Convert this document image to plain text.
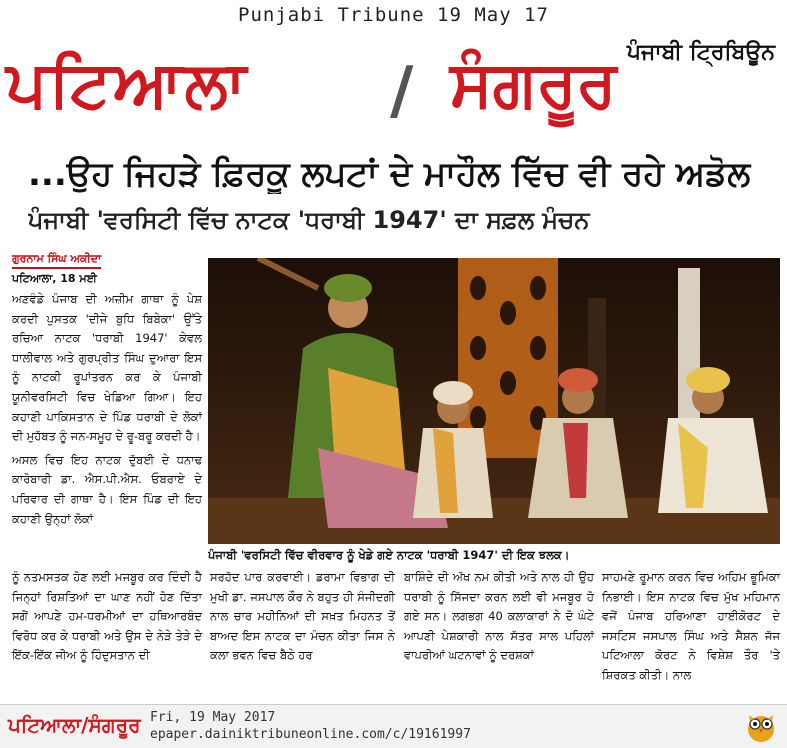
Punjabi Tribune 19 May 17
ਪੰਜਾਬੀ ਟ੍ਰਿਬਿਊਨ
ਪਟਿਆਲਾ / ਸੰਗਰੂਰ
...ਉਹ ਜਿਹੜੇ ਫ਼ਿਰਕੂ ਲਪਟਾਂ ਦੇ ਮਾਹੌਲ ਵਿੱਚ ਵੀ ਰਹੇ ਅਡੋਲ
ਪੰਜਾਬੀ 'ਵਰਸਿਟੀ ਵਿੱਚ ਨਾਟਕ 'ਧਰਾਬੀ 1947' ਦਾ ਸਫ਼ਲ ਮੰਚਨ
ਗੁਰਨਾਮ ਸਿੰਘ ਅਕੀਦਾ
ਪਟਿਆਲਾ, 18 ਮਈ

ਅਣਵੰਡੇ ਪੰਜਾਬ ਦੀ ਅਜ਼ੀਮ ਗਾਥਾ ਨੂੰ ਪੇਸ਼ ਕਰਦੀ ਪੁਸਤਕ 'ਦੀਜੇ ਬੁਧਿ ਬਿਬੇਕਾ' ਉੱਤੇ ਰਚਿਆ ਨਾਟਕ 'ਧਰਾਬੀ 1947' ਕੇਵਲ ਧਾਲੀਵਾਲ ਅਤੇ ਗੁਰਪ੍ਰੀਤ ਸਿੰਘ ਦੁਆਰਾ ਇਸ ਨੂੰ ਨਾਟਕੀ ਰੂਪਾਂਤਰਨ ਕਰ ਕੇ ਪੰਜਾਬੀ ਯੂਨੀਵਰਸਿਟੀ ਵਿਚ ਖੇਡਿਆ ਗਿਆ। ਇਹ ਕਹਾਣੀ ਪਾਕਿਸਤਾਨ ਦੇ ਪਿੰਡ ਧਰਾਬੀ ਦੇ ਲੋਕਾਂ ਦੀ ਮੁਹੱਬਤ ਨੂੰ ਜਨ-ਸਮੂਹ ਦੇ ਰੂ-ਬਰੂ ਕਰਦੀ ਹੈ।

ਅਸਲ ਵਿਚ ਇਹ ਨਾਟਕ ਦੁੱਬਈ ਦੇ ਧਨਾਢ ਕਾਰੋਬਾਰੀ ਡਾ. ਐਸ.ਪੀ.ਐਸ. ਓਬਰਾਏ ਦੇ ਪਰਿਵਾਰ ਦੀ ਗਾਥਾ ਹੈ। ਇਸ ਪਿੰਡ ਦੀ ਇਹ ਕਹਾਣੀ ਉਨ੍ਹਾਂ ਲੋਕਾਂ

ਪੰਜਾਬੀ 'ਵਰਸਿਟੀ ਵਿੱਚ ਵੀਰਵਾਰ ਨੂੰ ਖੇਡੇ ਗਏ ਨਾਟਕ 'ਧਰਾਬੀ 1947' ਦੀ ਇਕ ਝਲਕ।
ਨੂੰ ਨਤਮਸਤਕ ਹੋਣ ਲਈ ਮਜਬੂਰ ਕਰ ਦਿੰਦੀ ਹੈ ਜਿਨ੍ਹਾਂ ਰਿਸ਼ਤਿਆਂ ਦਾ ਘਾਣ ਨਹੀਂ ਹੋਣ ਦਿੱਤਾ ਸਗੋਂ ਆਪਣੇ ਹਮ-ਧਰਮੀਆਂ ਦਾ ਹਥਿਆਰਬੰਦ ਵਿਰੋਧ ਕਰ ਕੇ ਧਰਾਬੀ ਅਤੇ ਉਸ ਦੇ ਨੇੜੇ ਤੇੜੇ ਦੇ ਇੱਕ-ਇੱਕ ਜੀਅ ਨੂੰ ਹਿੰਦੁਸਤਾਨ ਦੀ
ਸਰਹੱਦ ਪਾਰ ਕਰਵਾਈ। ਡਰਾਮਾ ਵਿਭਾਗ ਦੀ ਮੁਖੀ ਡਾ. ਜਸਪਾਲ ਕੌਰ ਨੇ ਬਹੁਤ ਹੀ ਸੰਜੀਦਗੀ ਨਾਲ ਚਾਰ ਮਹੀਨਿਆਂ ਦੀ ਸਖ਼ਤ ਮਿਹਨਤ ਤੋਂ ਬਾਅਦ ਇਸ ਨਾਟਕ ਦਾ ਮੰਚਨ ਕੀਤਾ ਜਿਸ ਨੇ ਕਲਾ ਭਵਨ ਵਿਚ ਬੈਠੇ ਹਰ
ਬਾਸ਼ਿੰਦੇ ਦੀ ਅੱਖ ਨਮ ਕੀਤੀ ਅਤੇ ਨਾਲ ਹੀ ਉਹ ਧਰਾਬੀ ਨੂੰ ਸਿੱਜਦਾ ਕਰਨ ਲਈ ਵੀ ਮਜਬੂਰ ਹੋ ਗਏ ਸਨ। ਲਗਭਗ 40 ਕਲਾਕਾਰਾਂ ਨੇ ਦੋ ਘੰਟੇ ਆਪਣੀ ਪੇਸ਼ਕਾਰੀ ਨਾਲ ਸੱਤਰ ਸਾਲ ਪਹਿਲਾਂ ਵਾਪਰੀਆਂ ਘਟਨਾਵਾਂ ਨੂੰ ਦਰਸ਼ਕਾਂ
ਸਾਹਮਣੇ ਰੂਮਾਨ ਕਰਨ ਵਿਚ ਅਹਿਮ ਭੂਮਿਕਾ ਨਿਭਾਈ। ਇਸ ਨਾਟਕ ਵਿਚ ਮੁੱਖ ਮਹਿਮਾਨ ਵਜੋਂ ਪੰਜਾਬ ਹਰਿਆਣਾ ਹਾਈਕੋਰਟ ਦੇ ਜਸਟਿਸ ਜਸਪਾਲ ਸਿੰਘ ਅਤੇ ਸੈਸ਼ਨ ਜੱਜ ਪਟਿਆਲਾ ਕੋਰਟ ਨੇ ਵਿਸ਼ੇਸ਼ ਤੌਰ 'ਤੇ ਸ਼ਿਰਕਤ ਕੀਤੀ। ਨਾਲ
ਪਟਿਆਲਾ/ਸੰਗਰੂਰ Fri, 19 May 2017
epaper.dainiktribuneonline.com/c/19161997
